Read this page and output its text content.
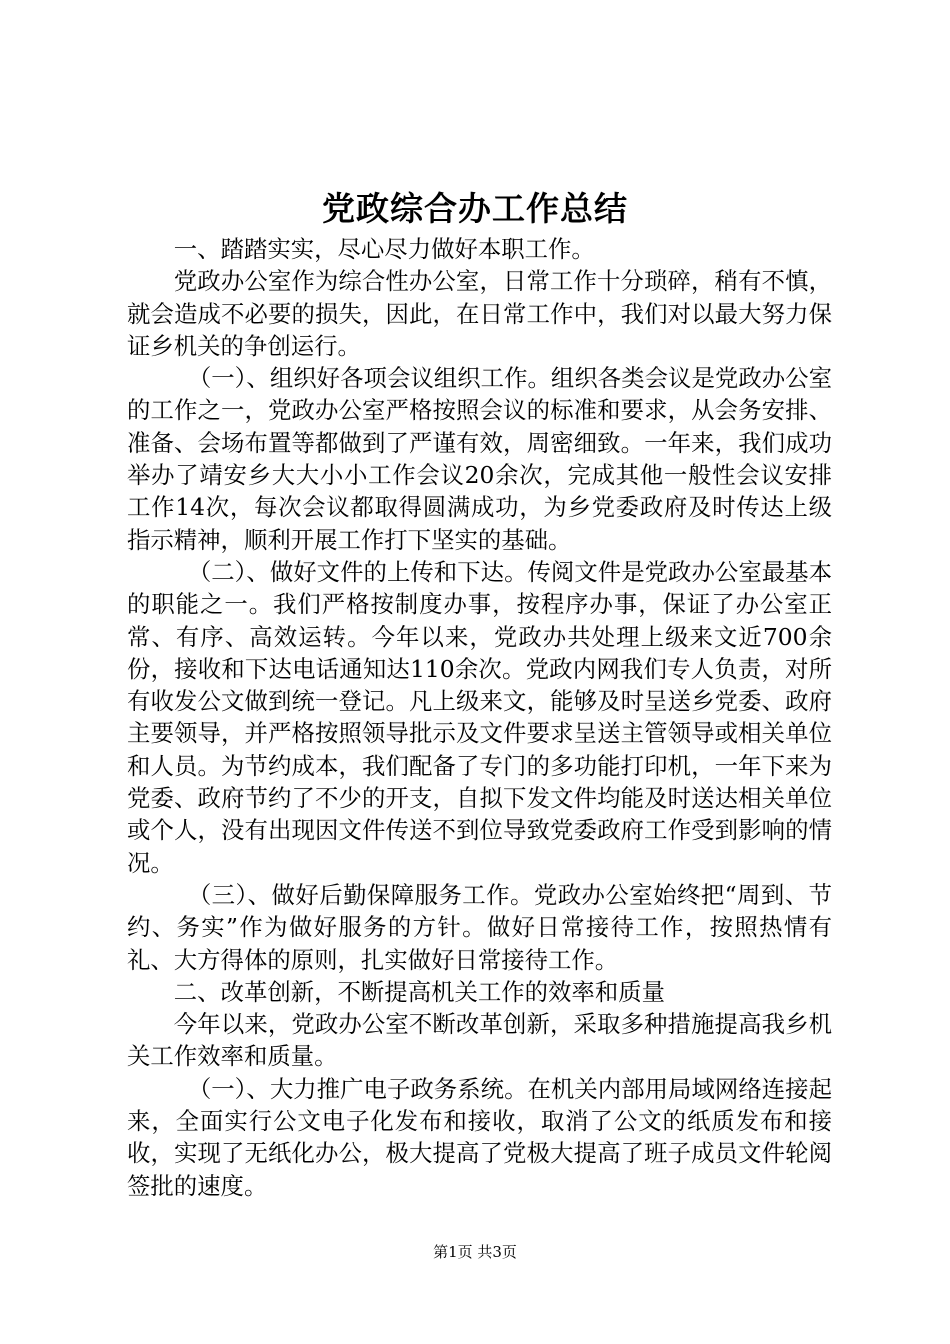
党政综合办工作总结

一、踏踏实实，尽心尽力做好本职工作。

党政办公室作为综合性办公室，日常工作十分琐碎，稍有不慎，就会造成不必要的损失，因此，在日常工作中，我们对以最大努力保证乡机关的争创运行。

（一）、组织好各项会议组织工作。组织各类会议是党政办公室的工作之一，党政办公室严格按照会议的标准和要求，从会务安排、准备、会场布置等都做到了严谨有效，周密细致。一年来，我们成功举办了靖安乡大大小小工作会议20余次，完成其他一般性会议安排工作14次，每次会议都取得圆满成功，为乡党委政府及时传达上级指示精神，顺利开展工作打下坚实的基础。

（二）、做好文件的上传和下达。传阅文件是党政办公室最基本的职能之一。我们严格按制度办事，按程序办事，保证了办公室正常、有序、高效运转。今年以来，党政办共处理上级来文近700余份，接收和下达电话通知达110余次。党政内网我们专人负责，对所有收发公文做到统一登记。凡上级来文，能够及时呈送乡党委、政府主要领导，并严格按照领导批示及文件要求呈送主管领导或相关单位和人员。为节约成本，我们配备了专门的多功能打印机，一年下来为党委、政府节约了不少的开支，自拟下发文件均能及时送达相关单位或个人，没有出现因文件传送不到位导致党委政府工作受到影响的情况。

（三）、做好后勤保障服务工作。党政办公室始终把“周到、节约、务实”作为做好服务的方针。做好日常接待工作，按照热情有礼、大方得体的原则，扎实做好日常接待工作。

二、改革创新，不断提高机关工作的效率和质量

今年以来，党政办公室不断改革创新，采取多种措施提高我乡机关工作效率和质量。

（一）、大力推广电子政务系统。在机关内部用局域网络连接起来，全面实行公文电子化发布和接收，取消了公文的纸质发布和接收，实现了无纸化办公，极大提高了党极大提高了班子成员文件轮阅签批的速度。

第1页 共3页
